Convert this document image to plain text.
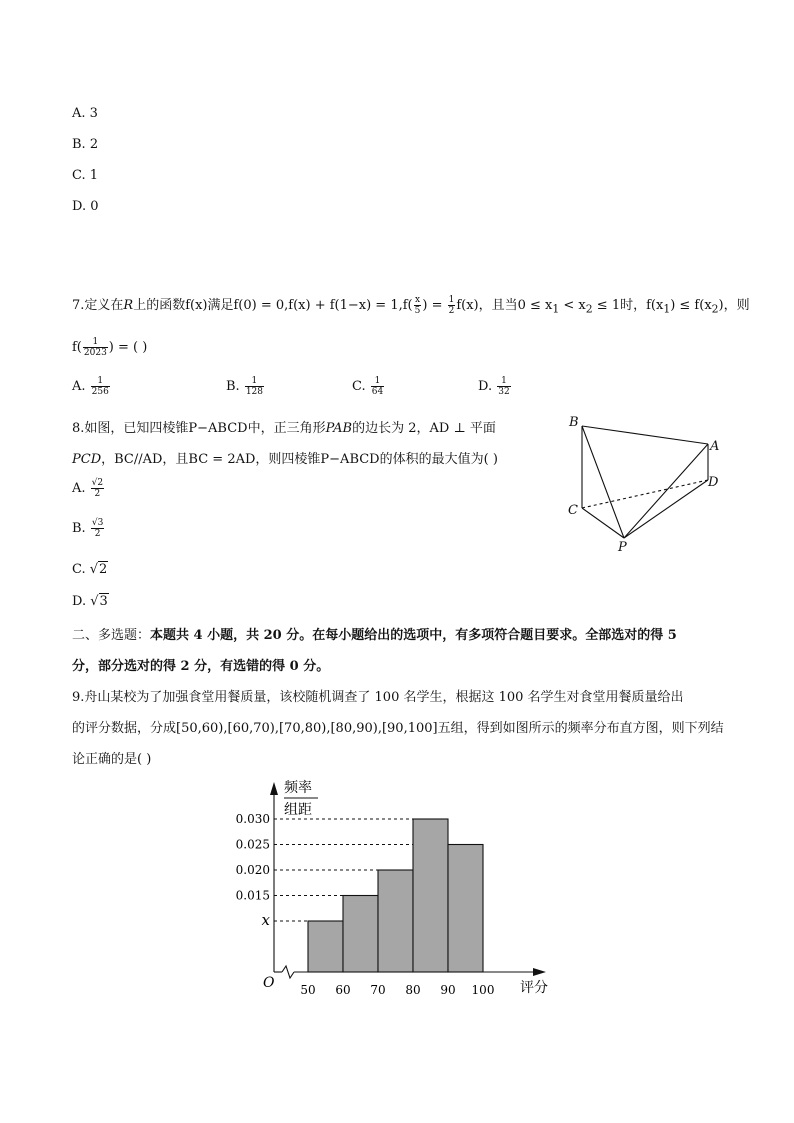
A. 3
B. 2
C. 1
D. 0
7.定义在R上的函数f(x)满足$f(0) = 0,f(x) + f(1-x) = 1,f( \frac{x}{5}$ ) = $\frac{1}{2} f(x)$，且当$0 \le x_1 < x_2 \le 1$时，$f(x_1) \le f(x_2)$，则
$f( \frac{1}{2023}$ ) = ( )
A. $\frac{1}{256}$	B. $\frac{1}{128}$	C. $\frac{1}{64}$	D. $\frac{1}{32}$
8.如图，已知四棱锥P−ABCD中，正三角形PAB的边长为 2，AD ⊥ 平面
PCD，BC//AD，且BC = 2AD，则四棱锥P−ABCD的体积的最大值为( )
A. $\frac{√2}{2}$
B. $\frac{√3}{2}$
C. √2
D. √3
B
A
D
C
P
二、多选题：本题共 4 小题，共 20 分。在每小题给出的选项中，有多项符合题目要求。全部选对的得 5
分，部分选对的得 2 分，有选错的得 0 分。
9.舟山某校为了加强食堂用餐质量，该校随机调查了 100 名学生，根据这 100 名学生对食堂用餐质量给出
的评分数据，分成[50,60),[60,70),[70,80),[80,90),[90,100]五组，得到如图所示的频率分布直方图，则下列结
论正确的是( )
0.030
0.025
0.020
0.015
x
50 60 70 80 90 100
频率
组距
评分
O
